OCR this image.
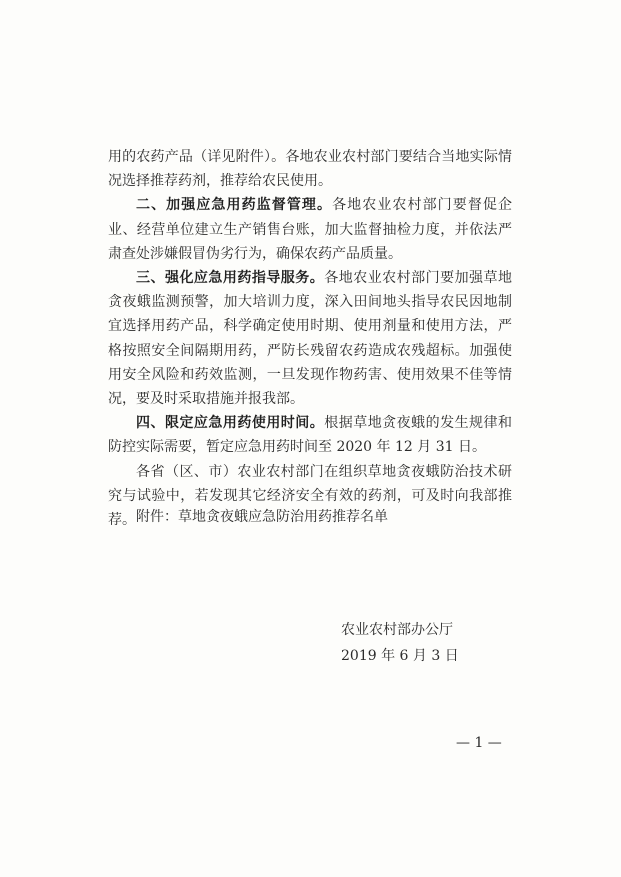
用的农药产品（详见附件）。各地农业农村部门要结合当地实际情况选择推荐药剂，推荐给农民使用。

二、加强应急用药监督管理。各地农业农村部门要督促企业、经营单位建立生产销售台账，加大监督抽检力度，并依法严肃查处涉嫌假冒伪劣行为，确保农药产品质量。

三、强化应急用药指导服务。各地农业农村部门要加强草地贪夜蛾监测预警，加大培训力度，深入田间地头指导农民因地制宜选择用药产品，科学确定使用时期、使用剂量和使用方法，严格按照安全间隔期用药，严防长残留农药造成农残超标。加强使用安全风险和药效监测，一旦发现作物药害、使用效果不佳等情况，要及时采取措施并报我部。

四、限定应急用药使用时间。根据草地贪夜蛾的发生规律和防控实际需要，暂定应急用药时间至 2020 年 12 月 31 日。

各省（区、市）农业农村部门在组织草地贪夜蛾防治技术研究与试验中，若发现其它经济安全有效的药剂，可及时向我部推荐。 附件：草地贪夜蛾应急防治用药推荐名单
农业农村部办公厅
2019 年 6 月 3 日
— 1 —
